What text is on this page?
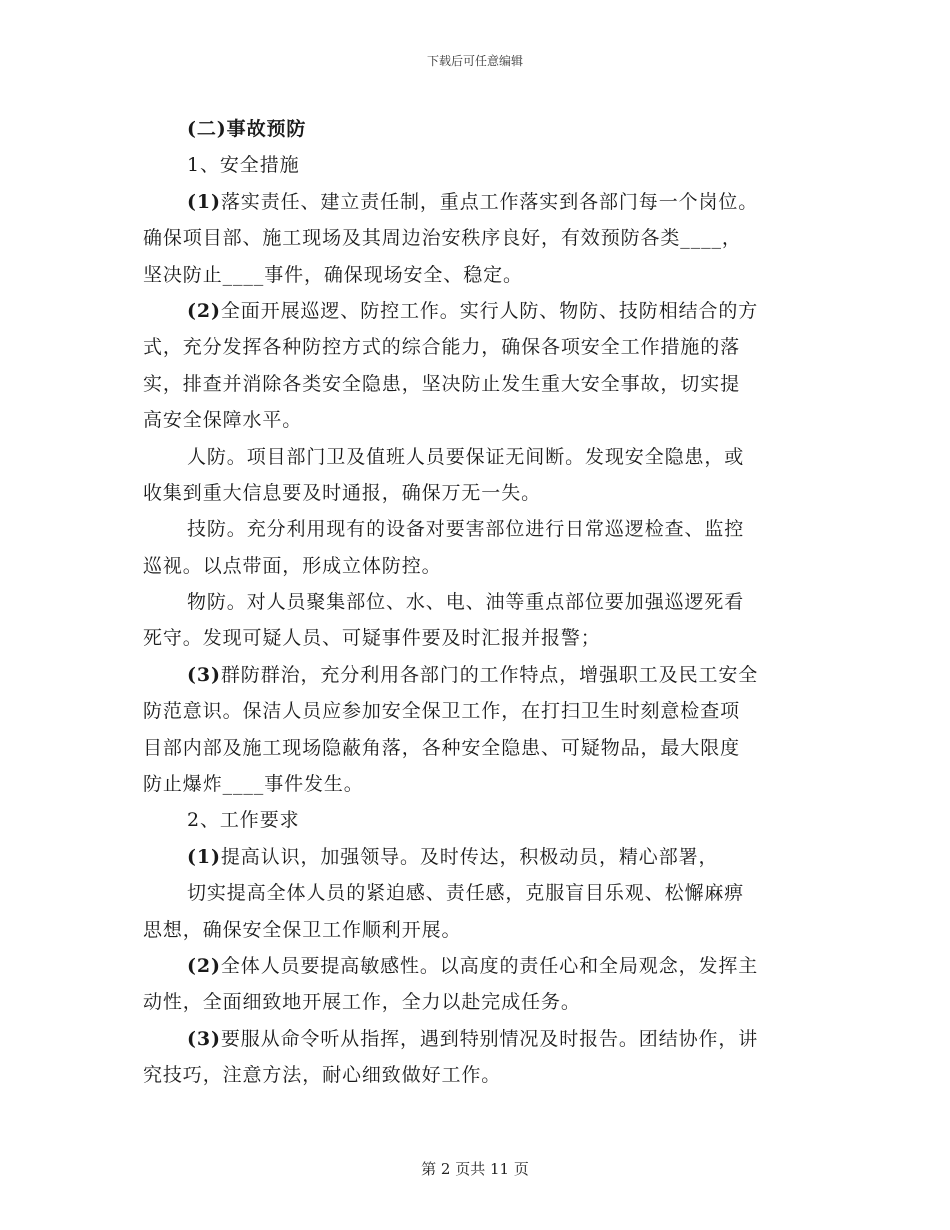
下载后可任意编辑
(二)事故预防
1、安全措施
(1)落实责任、建立责任制，重点工作落实到各部门每一个岗位。
确保项目部、施工现场及其周边治安秩序良好，有效预防各类____，
坚决防止____事件，确保现场安全、稳定。
(2)全面开展巡逻、防控工作。实行人防、物防、技防相结合的方
式，充分发挥各种防控方式的综合能力，确保各项安全工作措施的落
实，排查并消除各类安全隐患，坚决防止发生重大安全事故，切实提
高安全保障水平。
人防。项目部门卫及值班人员要保证无间断。发现安全隐患，或
收集到重大信息要及时通报，确保万无一失。
技防。充分利用现有的设备对要害部位进行日常巡逻检查、监控
巡视。以点带面，形成立体防控。
物防。对人员聚集部位、水、电、油等重点部位要加强巡逻死看
死守。发现可疑人员、可疑事件要及时汇报并报警；
(3)群防群治，充分利用各部门的工作特点，增强职工及民工安全
防范意识。保洁人员应参加安全保卫工作，在打扫卫生时刻意检查项
目部内部及施工现场隐蔽角落，各种安全隐患、可疑物品，最大限度
防止爆炸____事件发生。
2、工作要求
(1)提高认识，加强领导。及时传达，积极动员，精心部署，
切实提高全体人员的紧迫感、责任感，克服盲目乐观、松懈麻痹
思想，确保安全保卫工作顺利开展。
(2)全体人员要提高敏感性。以高度的责任心和全局观念，发挥主
动性，全面细致地开展工作，全力以赴完成任务。
(3)要服从命令听从指挥，遇到特别情况及时报告。团结协作，讲
究技巧，注意方法，耐心细致做好工作。
第 2 页共 11 页
